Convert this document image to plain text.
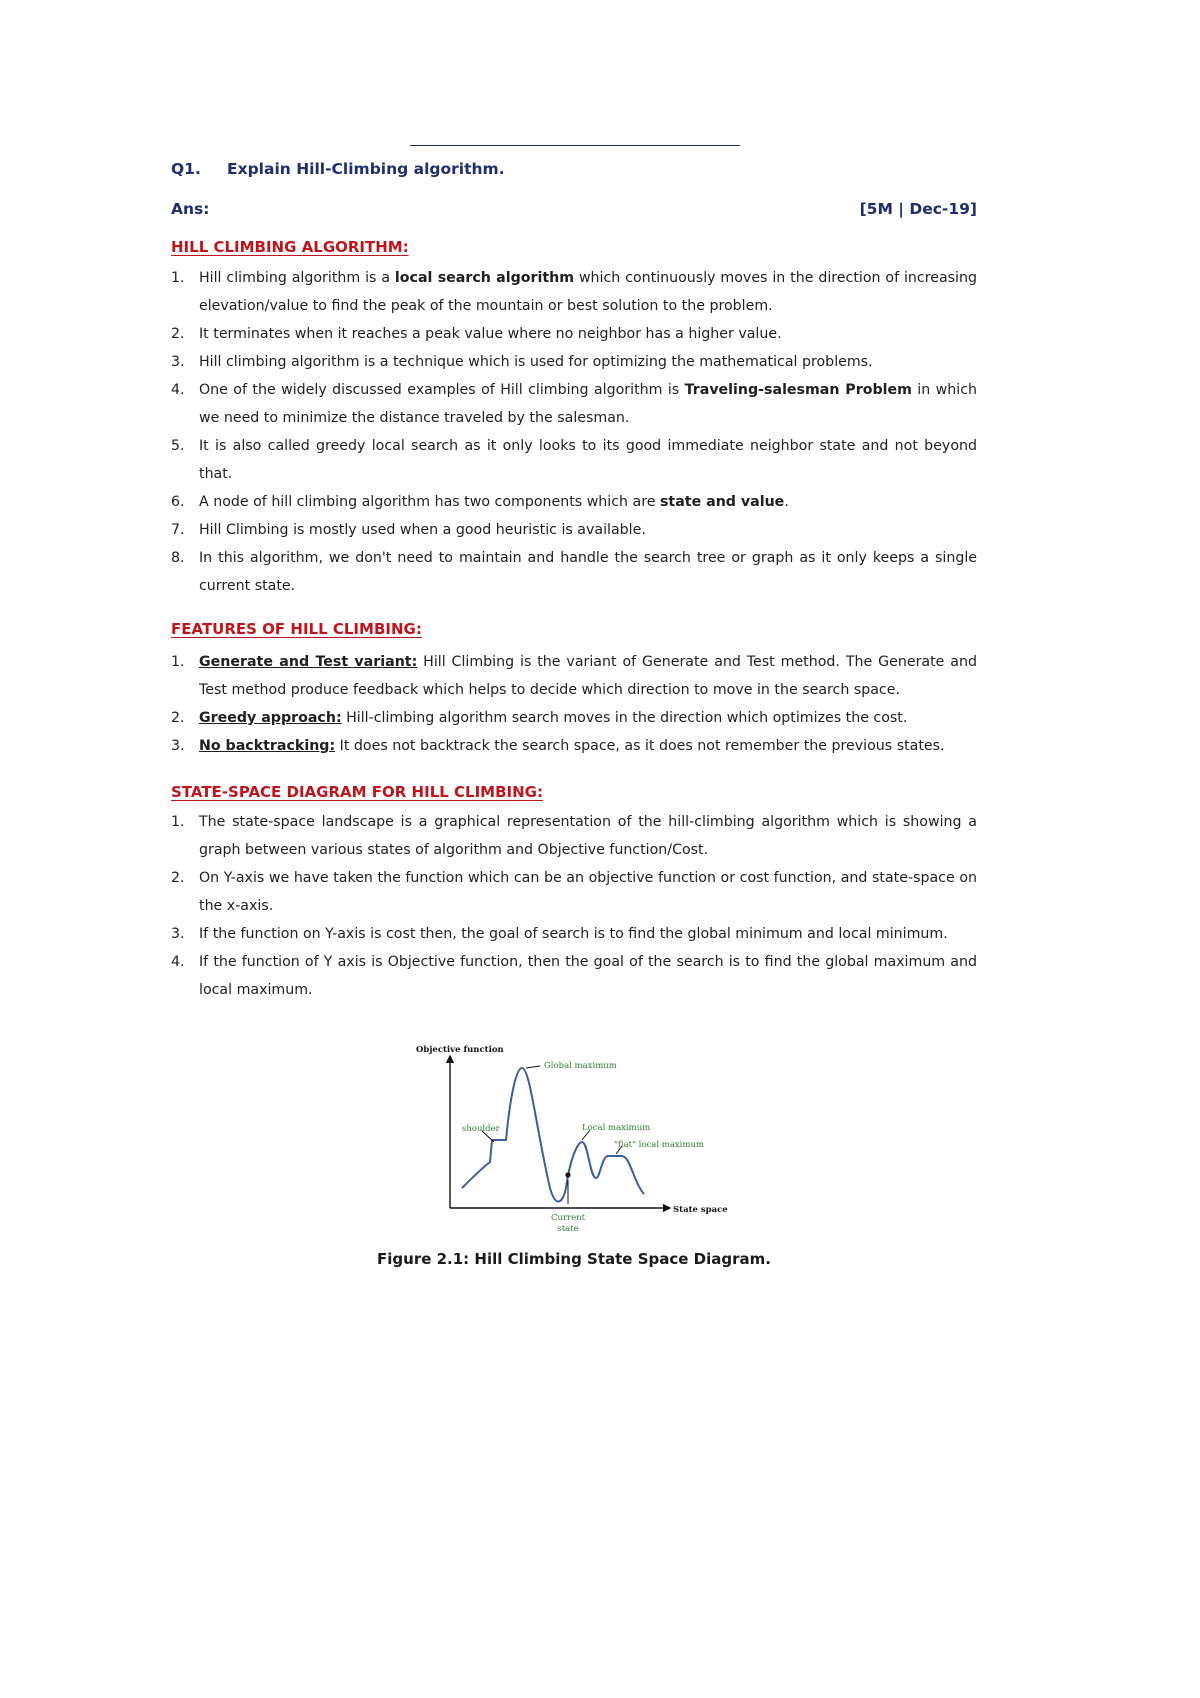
Q1. Explain Hill-Climbing algorithm.
Ans:	[5M | Dec-19]
HILL CLIMBING ALGORITHM:
1. Hill climbing algorithm is a local search algorithm which continuously moves in the direction of increasing elevation/value to find the peak of the mountain or best solution to the problem.
2. It terminates when it reaches a peak value where no neighbor has a higher value.
3. Hill climbing algorithm is a technique which is used for optimizing the mathematical problems.
4. One of the widely discussed examples of Hill climbing algorithm is Traveling-salesman Problem in which we need to minimize the distance traveled by the salesman.
5. It is also called greedy local search as it only looks to its good immediate neighbor state and not beyond that.
6. A node of hill climbing algorithm has two components which are state and value.
7. Hill Climbing is mostly used when a good heuristic is available.
8. In this algorithm, we don't need to maintain and handle the search tree or graph as it only keeps a single current state.
FEATURES OF HILL CLIMBING:
1. Generate and Test variant: Hill Climbing is the variant of Generate and Test method. The Generate and Test method produce feedback which helps to decide which direction to move in the search space.
2. Greedy approach: Hill-climbing algorithm search moves in the direction which optimizes the cost.
3. No backtracking: It does not backtrack the search space, as it does not remember the previous states.
STATE-SPACE DIAGRAM FOR HILL CLIMBING:
1. The state-space landscape is a graphical representation of the hill-climbing algorithm which is showing a graph between various states of algorithm and Objective function/Cost.
2. On Y-axis we have taken the function which can be an objective function or cost function, and state-space on the x-axis.
3. If the function on Y-axis is cost then, the goal of search is to find the global minimum and local minimum.
4. If the function of Y axis is Objective function, then the goal of the search is to find the global maximum and local maximum.
Objective function
Global maximum
shoulder	Local maximum
"flat" local maximum
State space
Current
state
Figure 2.1: Hill Climbing State Space Diagram.
